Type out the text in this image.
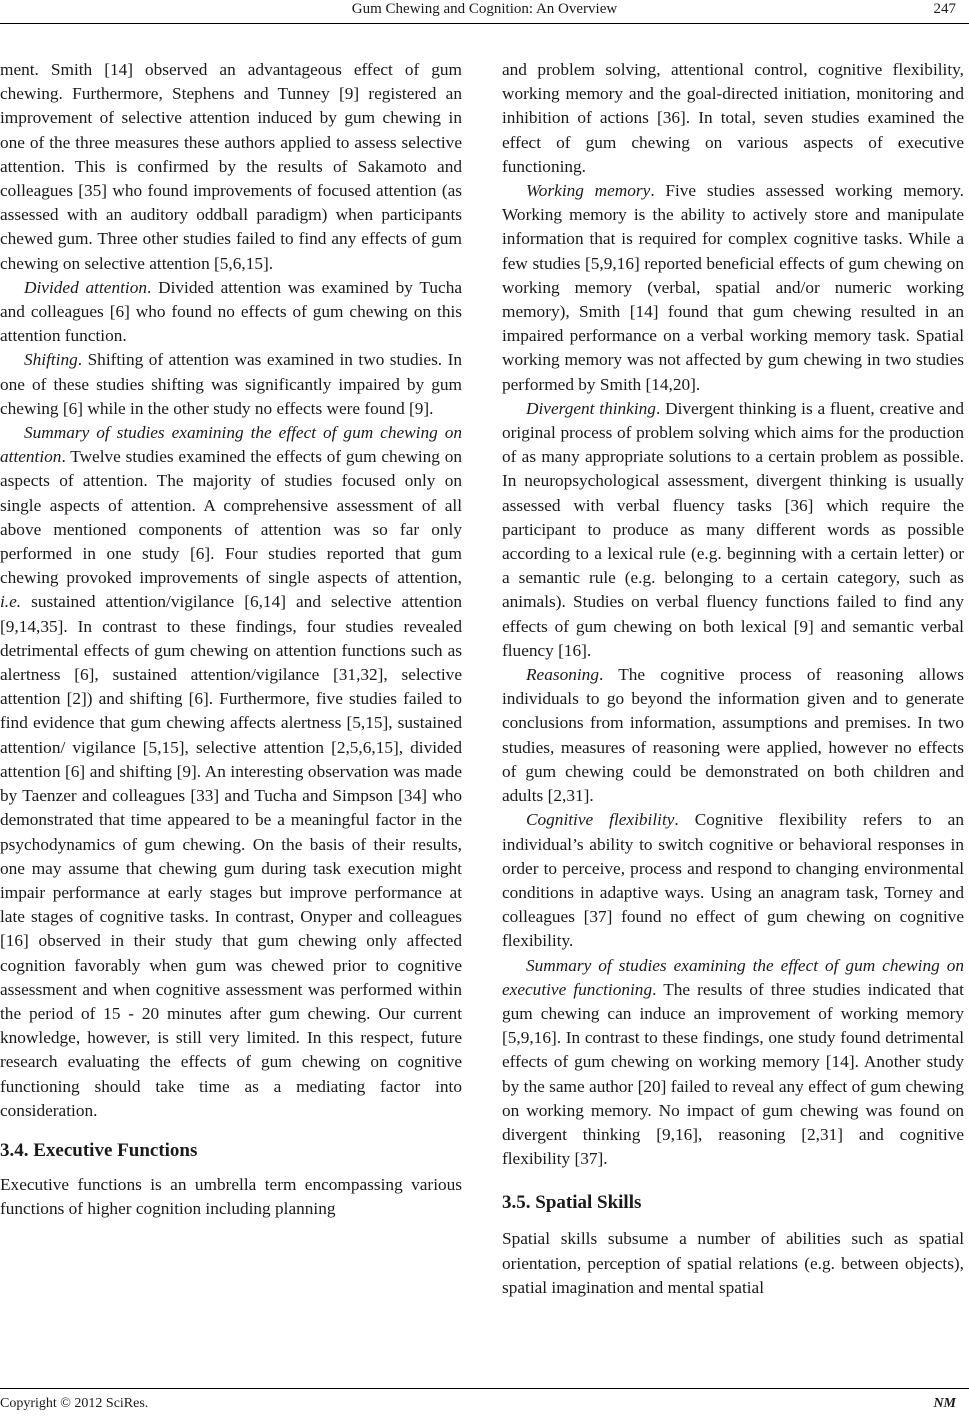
Gum Chewing and Cognition: An Overview	247

ment. Smith [14] observed an advantageous effect of gum chewing. Furthermore, Stephens and Tunney [9] registered an improvement of selective attention induced by gum chewing in one of the three measures these authors applied to assess selective attention. This is confirmed by the results of Sakamoto and colleagues [35] who found improvements of focused attention (as assessed with an auditory oddball paradigm) when participants chewed gum. Three other studies failed to find any effects of gum chewing on selective attention [5,6,15].

Divided attention. Divided attention was examined by Tucha and colleagues [6] who found no effects of gum chewing on this attention function.

Shifting. Shifting of attention was examined in two studies. In one of these studies shifting was significantly impaired by gum chewing [6] while in the other study no effects were found [9].

Summary of studies examining the effect of gum chewing on attention. Twelve studies examined the effects of gum chewing on aspects of attention. The majority of studies focused only on single aspects of attention. A comprehensive assessment of all above mentioned components of attention was so far only performed in one study [6]. Four studies reported that gum chewing provoked improvements of single aspects of attention, i.e. sustained attention/vigilance [6,14] and selective attention [9,14,35]. In contrast to these findings, four studies revealed detrimental effects of gum chewing on attention functions such as alertness [6], sustained attention/vigilance [31,32], selective attention [2]) and shifting [6]. Furthermore, five studies failed to find evidence that gum chewing affects alertness [5,15], sustained attention/ vigilance [5,15], selective attention [2,5,6,15], divided attention [6] and shifting [9]. An interesting observation was made by Taenzer and colleagues [33] and Tucha and Simpson [34] who demonstrated that time appeared to be a meaningful factor in the psychodynamics of gum chewing. On the basis of their results, one may assume that chewing gum during task execution might impair performance at early stages but improve performance at late stages of cognitive tasks. In contrast, Onyper and colleagues [16] observed in their study that gum chewing only affected cognition favorably when gum was chewed prior to cognitive assessment and when cognitive assessment was performed within the period of 15 - 20 minutes after gum chewing. Our current knowledge, however, is still very limited. In this respect, future research evaluating the effects of gum chewing on cognitive functioning should take time as a mediating factor into consideration.

3.4. Executive Functions

Executive functions is an umbrella term encompassing various functions of higher cognition including planning

and problem solving, attentional control, cognitive flexibility, working memory and the goal-directed initiation, monitoring and inhibition of actions [36]. In total, seven studies examined the effect of gum chewing on various aspects of executive functioning.

Working memory. Five studies assessed working memory. Working memory is the ability to actively store and manipulate information that is required for complex cognitive tasks. While a few studies [5,9,16] reported beneficial effects of gum chewing on working memory (verbal, spatial and/or numeric working memory), Smith [14] found that gum chewing resulted in an impaired performance on a verbal working memory task. Spatial working memory was not affected by gum chewing in two studies performed by Smith [14,20].

Divergent thinking. Divergent thinking is a fluent, creative and original process of problem solving which aims for the production of as many appropriate solutions to a certain problem as possible. In neuropsychological assessment, divergent thinking is usually assessed with verbal fluency tasks [36] which require the participant to produce as many different words as possible according to a lexical rule (e.g. beginning with a certain letter) or a semantic rule (e.g. belonging to a certain category, such as animals). Studies on verbal fluency functions failed to find any effects of gum chewing on both lexical [9] and semantic verbal fluency [16].

Reasoning. The cognitive process of reasoning allows individuals to go beyond the information given and to generate conclusions from information, assumptions and premises. In two studies, measures of reasoning were applied, however no effects of gum chewing could be demonstrated on both children and adults [2,31].

Cognitive flexibility. Cognitive flexibility refers to an individual’s ability to switch cognitive or behavioral responses in order to perceive, process and respond to changing environmental conditions in adaptive ways. Using an anagram task, Torney and colleagues [37] found no effect of gum chewing on cognitive flexibility.

Summary of studies examining the effect of gum chewing on executive functioning. The results of three studies indicated that gum chewing can induce an improvement of working memory [5,9,16]. In contrast to these findings, one study found detrimental effects of gum chewing on working memory [14]. Another study by the same author [20] failed to reveal any effect of gum chewing on working memory. No impact of gum chewing was found on divergent thinking [9,16], reasoning [2,31] and cognitive flexibility [37].

3.5. Spatial Skills

Spatial skills subsume a number of abilities such as spatial orientation, perception of spatial relations (e.g. between objects), spatial imagination and mental spatial

Copyright © 2012 SciRes.	NM
